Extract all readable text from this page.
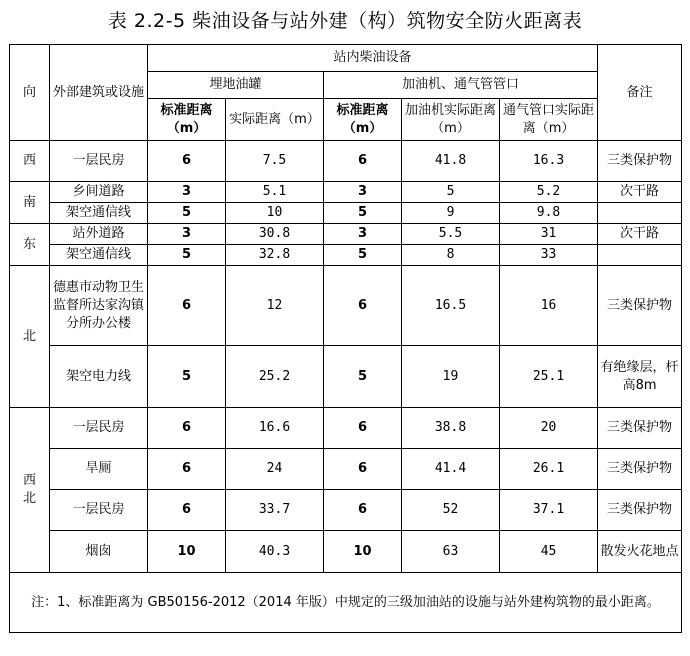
表 2.2-5 柴油设备与站外建（构）筑物安全防火距离表
向	外部建筑或设施	站内柴油设备					备注
		埋地油罐		加油机、通气管管口			
		标准距离（m）	实际距离（m）	标准距离（m）	加油机实际距离（m）	通气管口实际距离（m）	
西	一层民房	6	7.5	6	41.8	16.3	三类保护物
南	乡间道路	3	5.1	3	5	5.2	次干路
	架空通信线	5	10	5	9	9.8	
东	站外道路	3	30.8	3	5.5	31	次干路
	架空通信线	5	32.8	5	8	33	
北	德惠市动物卫生监督所达家沟镇分所办公楼	6	12	6	16.5	16	三类保护物
	架空电力线	5	25.2	5	19	25.1	有绝缘层，杆高8m
西北	一层民房	6	16.6	6	38.8	20	三类保护物
	旱厕	6	24	6	41.4	26.1	三类保护物
	一层民房	6	33.7	6	52	37.1	三类保护物
	烟囱	10	40.3	10	63	45	散发火花地点
注：1、标准距离为 GB50156-2012（2014 年版）中规定的三级加油站的设施与站外建构筑物的最小距离。							
